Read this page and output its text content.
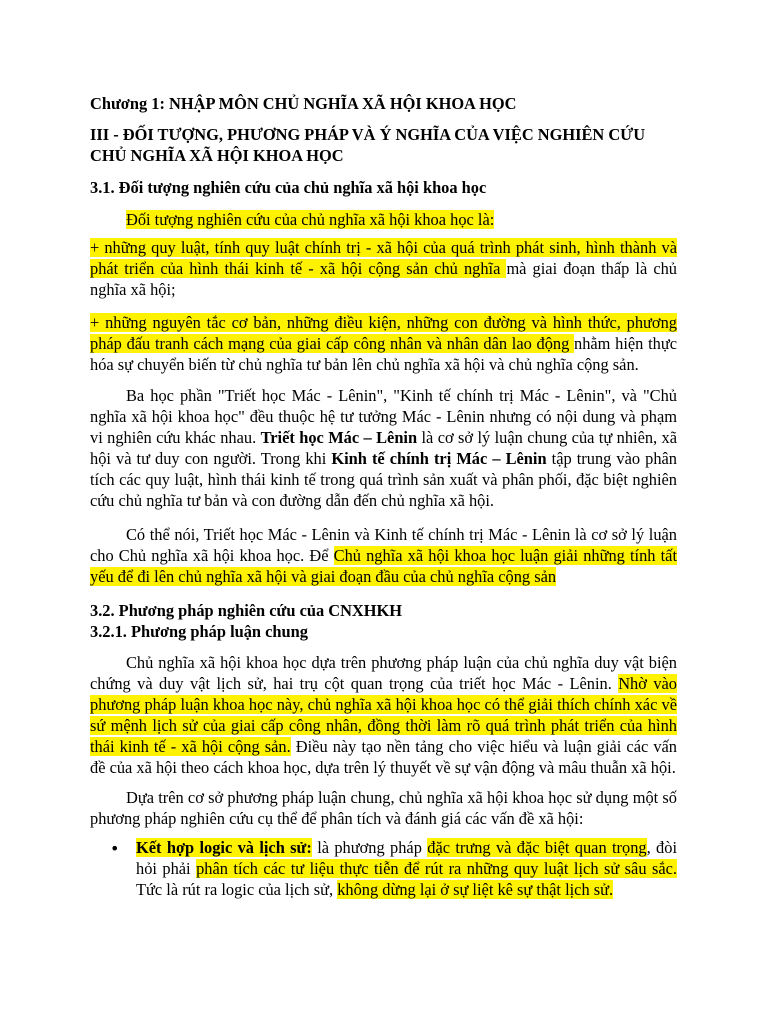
Chương 1: NHẬP MÔN CHỦ NGHĨA XÃ HỘI KHOA HỌC
III - ĐỐI TƯỢNG, PHƯƠNG PHÁP VÀ Ý NGHĨA CỦA VIỆC NGHIÊN CỨU CHỦ NGHĨA XÃ HỘI KHOA HỌC
3.1. Đối tượng nghiên cứu của chủ nghĩa xã hội khoa học
Đối tượng nghiên cứu của chủ nghĩa xã hội khoa học là:
+ những quy luật, tính quy luật chính trị - xã hội của quá trình phát sinh, hình thành và phát triển của hình thái kinh tế - xã hội cộng sản chủ nghĩa mà giai đoạn thấp là chủ nghĩa xã hội;
+ những nguyên tắc cơ bản, những điều kiện, những con đường và hình thức, phương pháp đấu tranh cách mạng của giai cấp công nhân và nhân dân lao động nhằm hiện thực hóa sự chuyển biến từ chủ nghĩa tư bản lên chủ nghĩa xã hội và chủ nghĩa cộng sản.
Ba học phần "Triết học Mác - Lênin", "Kinh tế chính trị Mác - Lênin", và "Chủ nghĩa xã hội khoa học" đều thuộc hệ tư tưởng Mác - Lênin nhưng có nội dung và phạm vi nghiên cứu khác nhau. Triết học Mác – Lênin là cơ sở lý luận chung của tự nhiên, xã hội và tư duy con người. Trong khi Kinh tế chính trị Mác – Lênin tập trung vào phân tích các quy luật, hình thái kinh tế trong quá trình sản xuất và phân phối, đặc biệt nghiên cứu chủ nghĩa tư bản và con đường dẫn đến chủ nghĩa xã hội.
Có thể nói, Triết học Mác - Lênin và Kinh tế chính trị Mác - Lênin là cơ sở lý luận cho Chủ nghĩa xã hội khoa học. Để Chủ nghĩa xã hội khoa học luận giải những tính tất yếu để đi lên chủ nghĩa xã hội và giai đoạn đầu của chủ nghĩa cộng sản
3.2. Phương pháp nghiên cứu của CNXHKH
3.2.1. Phương pháp luận chung
Chủ nghĩa xã hội khoa học dựa trên phương pháp luận của chủ nghĩa duy vật biện chứng và duy vật lịch sử, hai trụ cột quan trọng của triết học Mác - Lênin. Nhờ vào phương pháp luận khoa học này, chủ nghĩa xã hội khoa học có thể giải thích chính xác về sứ mệnh lịch sử của giai cấp công nhân, đồng thời làm rõ quá trình phát triển của hình thái kinh tế - xã hội cộng sản. Điều này tạo nền tảng cho việc hiểu và luận giải các vấn đề của xã hội theo cách khoa học, dựa trên lý thuyết về sự vận động và mâu thuẫn xã hội.
Dựa trên cơ sở phương pháp luận chung, chủ nghĩa xã hội khoa học sử dụng một số phương pháp nghiên cứu cụ thể để phân tích và đánh giá các vấn đề xã hội:
• Kết hợp logic và lịch sử: là phương pháp đặc trưng và đặc biệt quan trọng, đòi hỏi phải phân tích các tư liệu thực tiễn để rút ra những quy luật lịch sử sâu sắc. Tức là rút ra logic của lịch sử, không dừng lại ở sự liệt kê sự thật lịch sử.
